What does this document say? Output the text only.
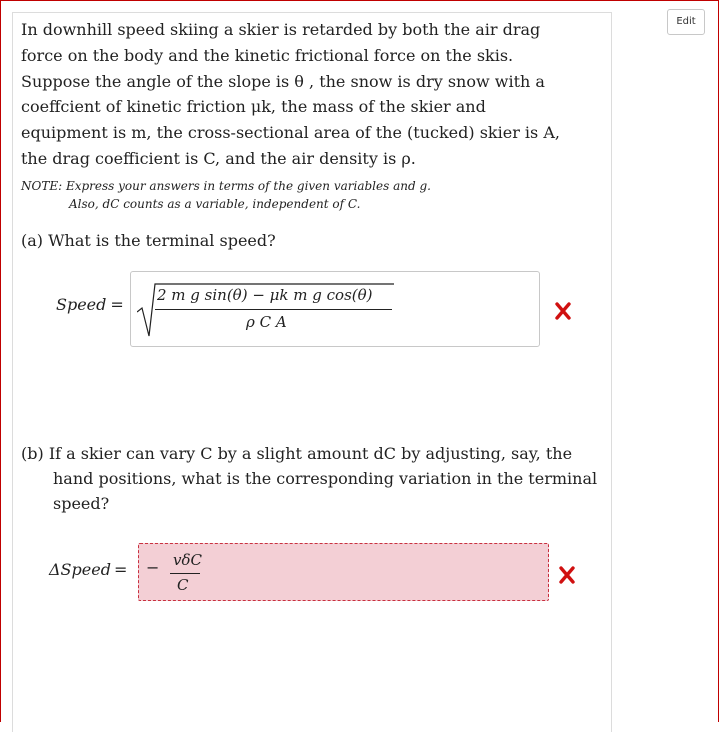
Edit

In downhill speed skiing a skier is retarded by both the air drag
force on the body and the kinetic frictional force on the skis.
Suppose the angle of the slope is θ , the snow is dry snow with a
coeffcient of kinetic friction μk, the mass of the skier and
equipment is m, the cross-sectional area of the (tucked) skier is A,
the drag coefficient is C, and the air density is ρ.

NOTE: Express your answers in terms of the given variables and g.
Also, dC counts as a variable, independent of C.
(a) What is the terminal speed?
Speed = 2 m g sin(θ) − μk m g cos(θ)
ρ C A
(b) If a skier can vary C by a slight amount dC by adjusting, say, the
hand positions, what is the corresponding variation in the terminal
speed?
ΔSpeed = − vδC
C
